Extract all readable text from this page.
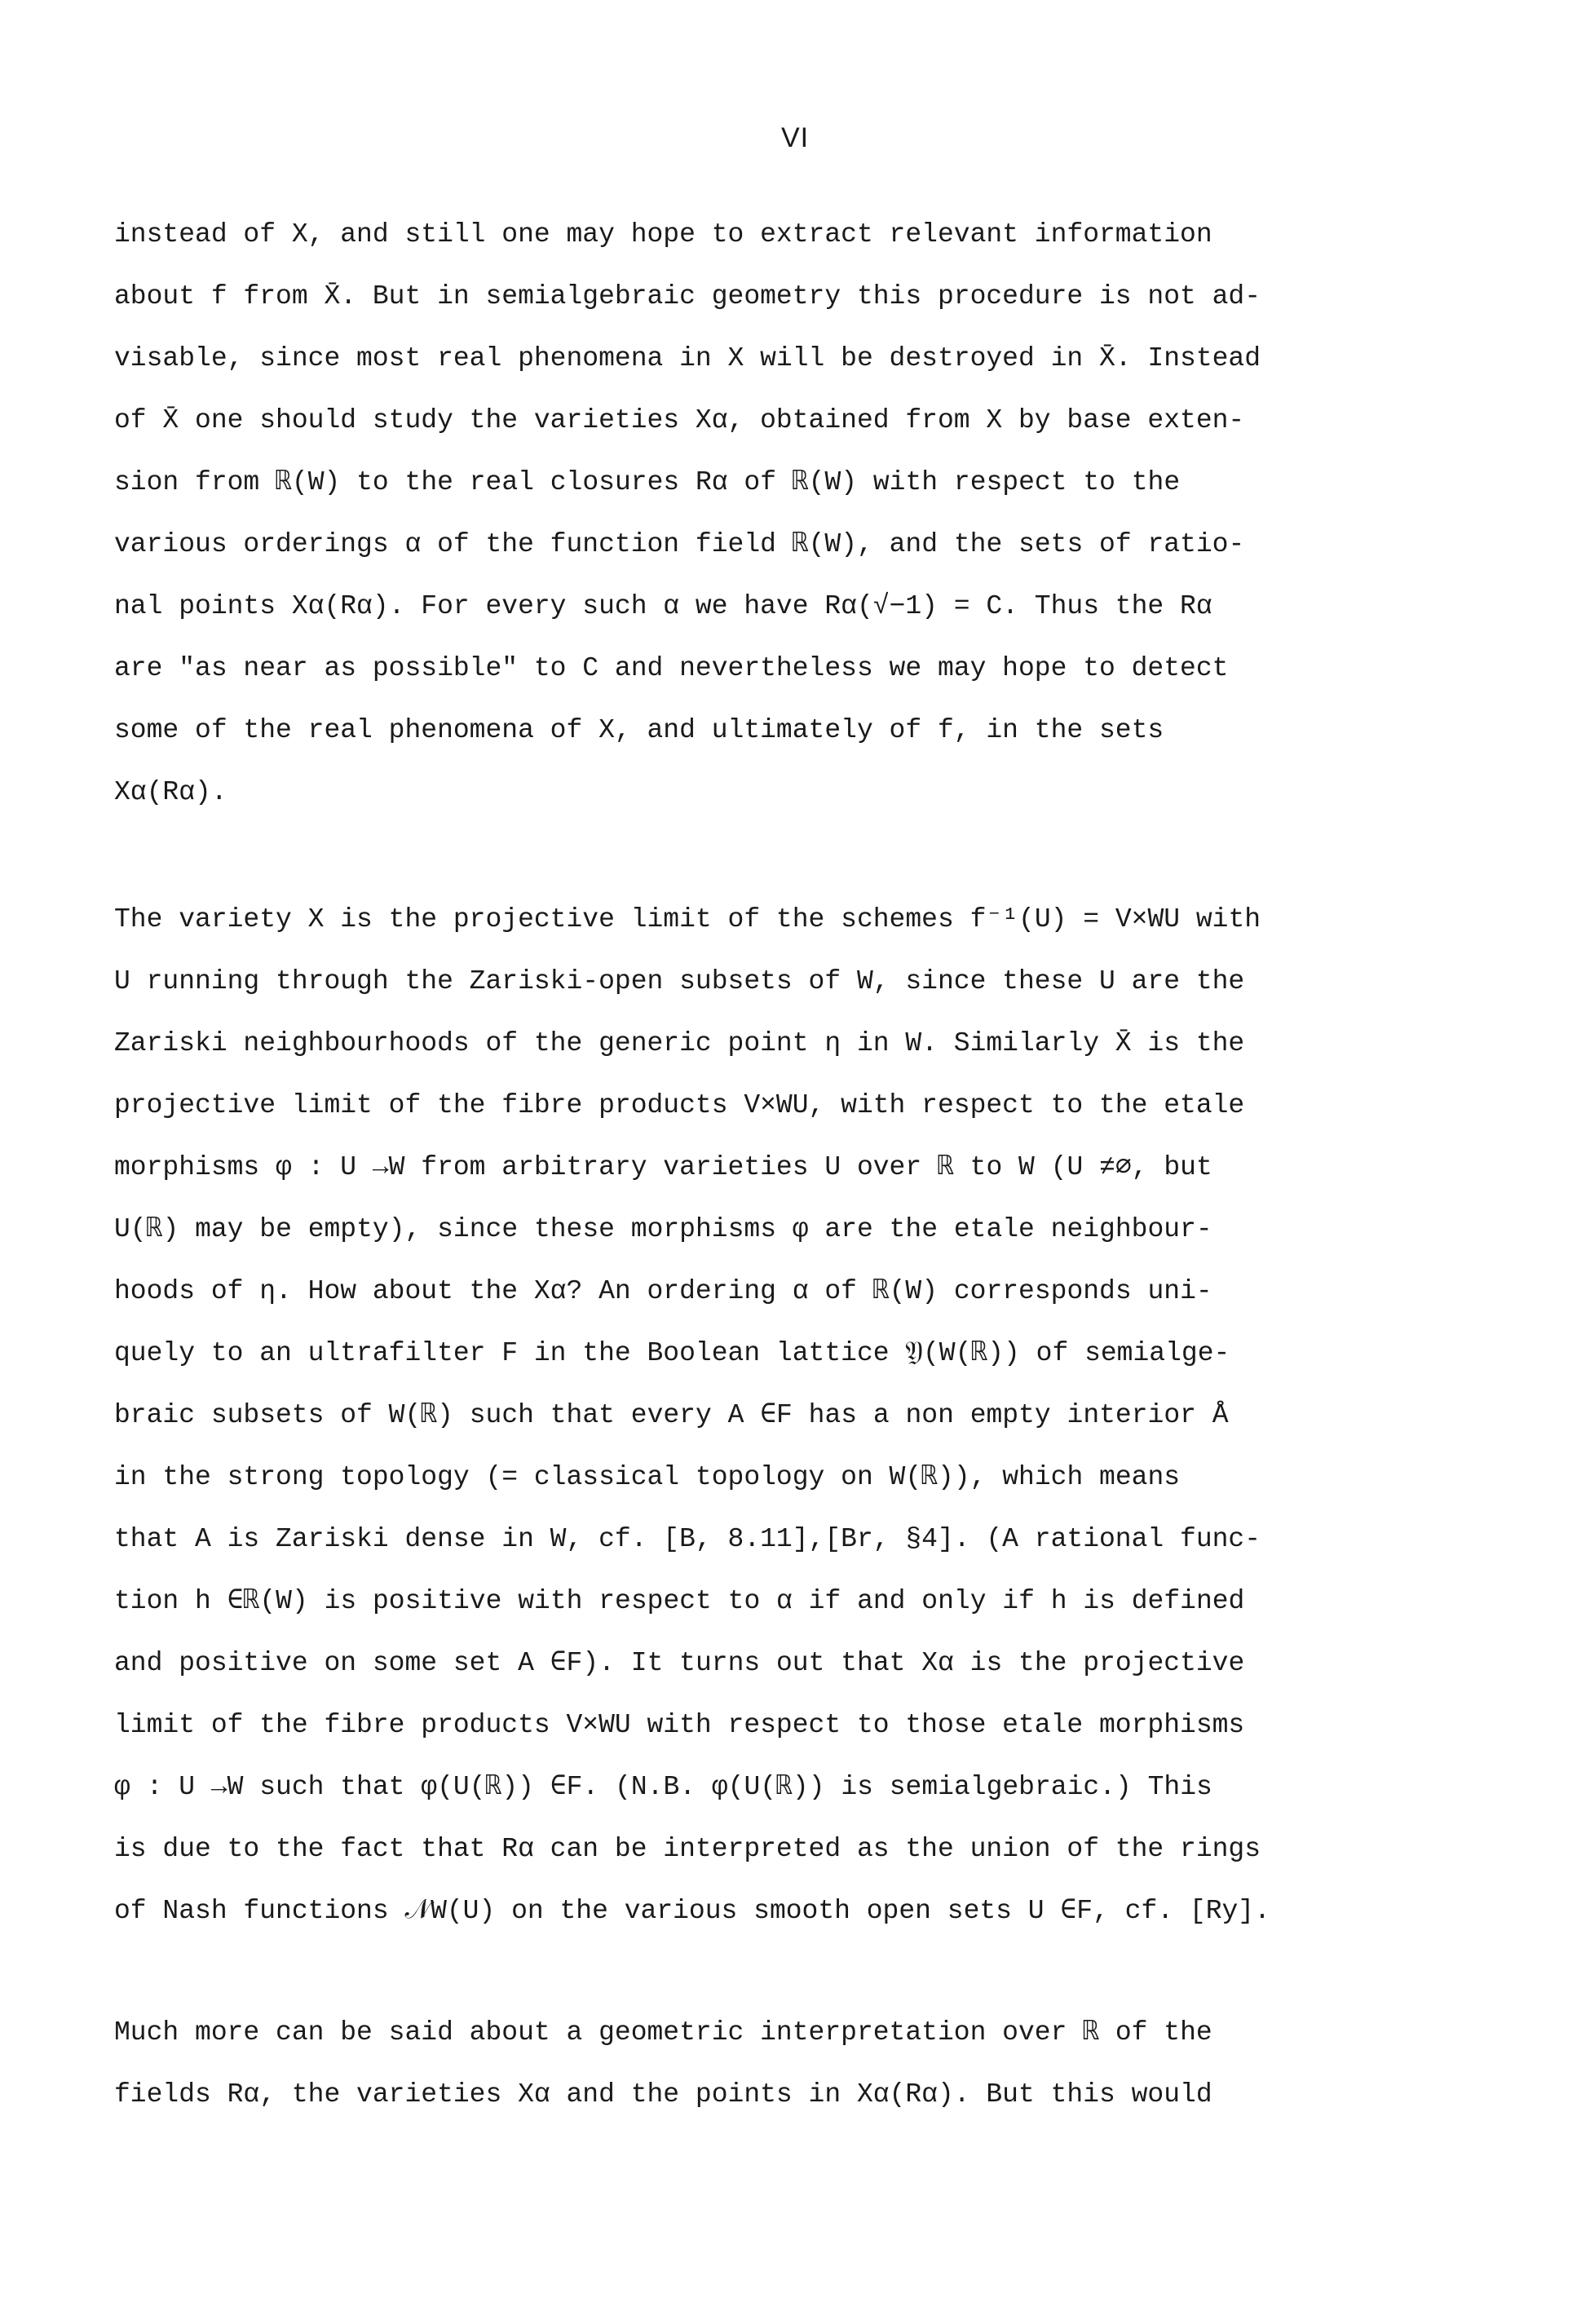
VI
instead of X, and still one may hope to extract relevant information
about f from X̄. But in semialgebraic geometry this procedure is not ad-
visable, since most real phenomena in X will be destroyed in X̄. Instead
of X̄ one should study the varieties Xα, obtained from X by base exten-
sion from ℝ(W) to the real closures Rα of ℝ(W) with respect to the
various orderings α of the function field ℝ(W), and the sets of ratio-
nal points Xα(Rα). For every such α we have Rα(√−1) = C. Thus the Rα
are "as near as possible" to C and nevertheless we may hope to detect
some of the real phenomena of X, and ultimately of f, in the sets
Xα(Rα).
The variety X is the projective limit of the schemes f⁻¹(U) = V×WU with
U running through the Zariski-open subsets of W, since these U are the
Zariski neighbourhoods of the generic point η in W. Similarly X̄ is the
projective limit of the fibre products V×WU, with respect to the etale
morphisms φ : U →W from arbitrary varieties U over ℝ to W (U ≠∅, but
U(ℝ) may be empty), since these morphisms φ are the etale neighbour-
hoods of η. How about the Xα? An ordering α of ℝ(W) corresponds uni-
quely to an ultrafilter F in the Boolean lattice 𝔜(W(ℝ)) of semialge-
braic subsets of W(ℝ) such that every A ∈F has a non empty interior Å
in the strong topology (= classical topology on W(ℝ)), which means
that A is Zariski dense in W, cf. [B, 8.11],[Br, §4]. (A rational func-
tion h ∈ℝ(W) is positive with respect to α if and only if h is defined
and positive on some set A ∈F). It turns out that Xα is the projective
limit of the fibre products V×WU with respect to those etale morphisms
φ : U →W such that φ(U(ℝ)) ∈F. (N.B. φ(U(ℝ)) is semialgebraic.) This
is due to the fact that Rα can be interpreted as the union of the rings
of Nash functions 𝒩W(U) on the various smooth open sets U ∈F, cf. [Ry].
Much more can be said about a geometric interpretation over ℝ of the
fields Rα, the varieties Xα and the points in Xα(Rα). But this would
